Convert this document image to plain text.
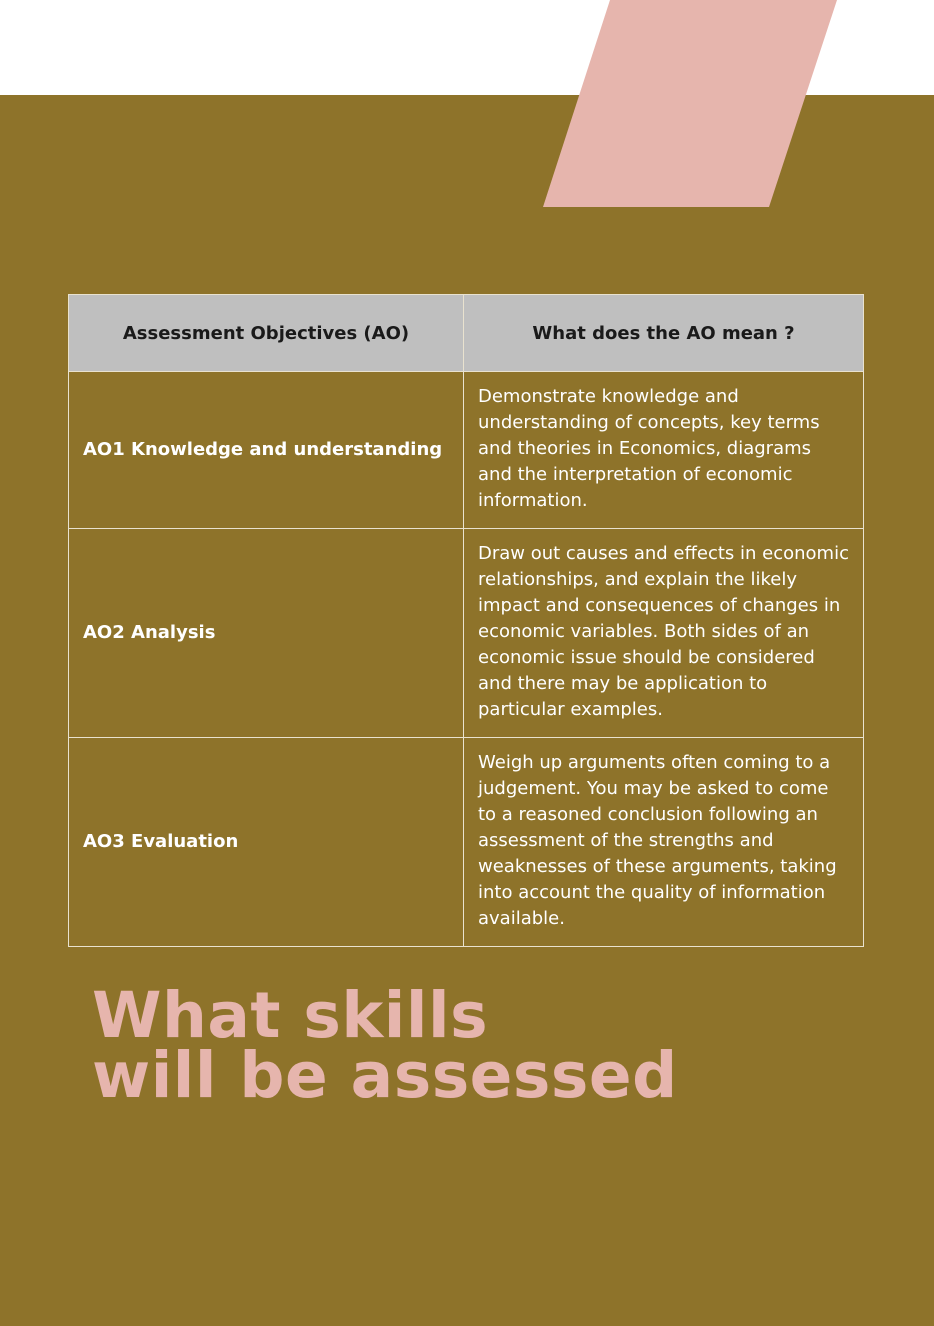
Assessment Objectives (AO)	What does the AO mean ?
AO1 Knowledge and understanding	Demonstrate knowledge and understanding of concepts, key terms and theories in Economics, diagrams and the interpretation of economic information.
AO2 Analysis	Draw out causes and effects in economic relationships, and explain the likely impact and consequences of changes in economic variables. Both sides of an economic issue should be considered and there may be application to particular examples.
AO3 Evaluation	Weigh up arguments often coming to a judgement. You may be asked to come to a reasoned conclusion following an assessment of the strengths and weaknesses of these arguments, taking into account the quality of information available.
What skills
will be assessed
